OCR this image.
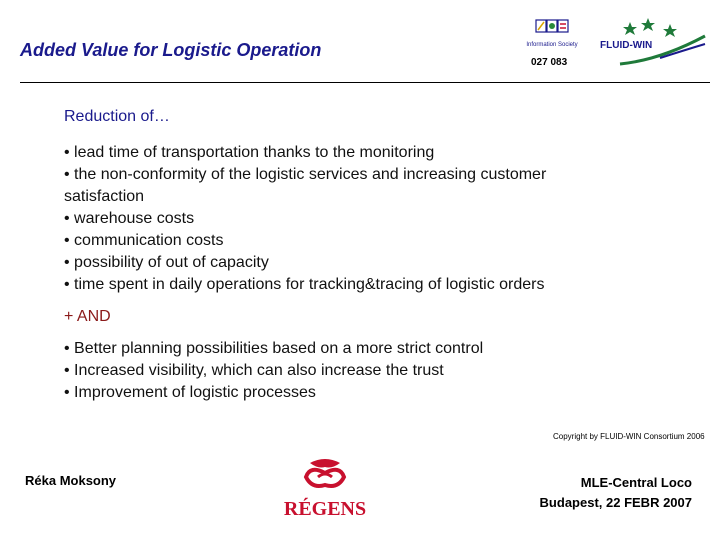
Added Value for Logistic Operation	Information Society
027 083
FLUID-WIN
Reduction of…
• lead time of transportation thanks to the monitoring
• the non-conformity of the logistic services and increasing customer
satisfaction
• warehouse costs
• communication costs
• possibility of out of capacity
• time spent in daily operations for tracking&tracing of logistic orders
+ AND
• Better planning possibilities based on a more strict control
• Increased visibility, which can also increase the trust
• Improvement of logistic processes
Copyright by FLUID-WIN Consortium 2006
Réka Moksony
RÉGENS
MLE-Central Loco
Budapest, 22 FEBR 2007
